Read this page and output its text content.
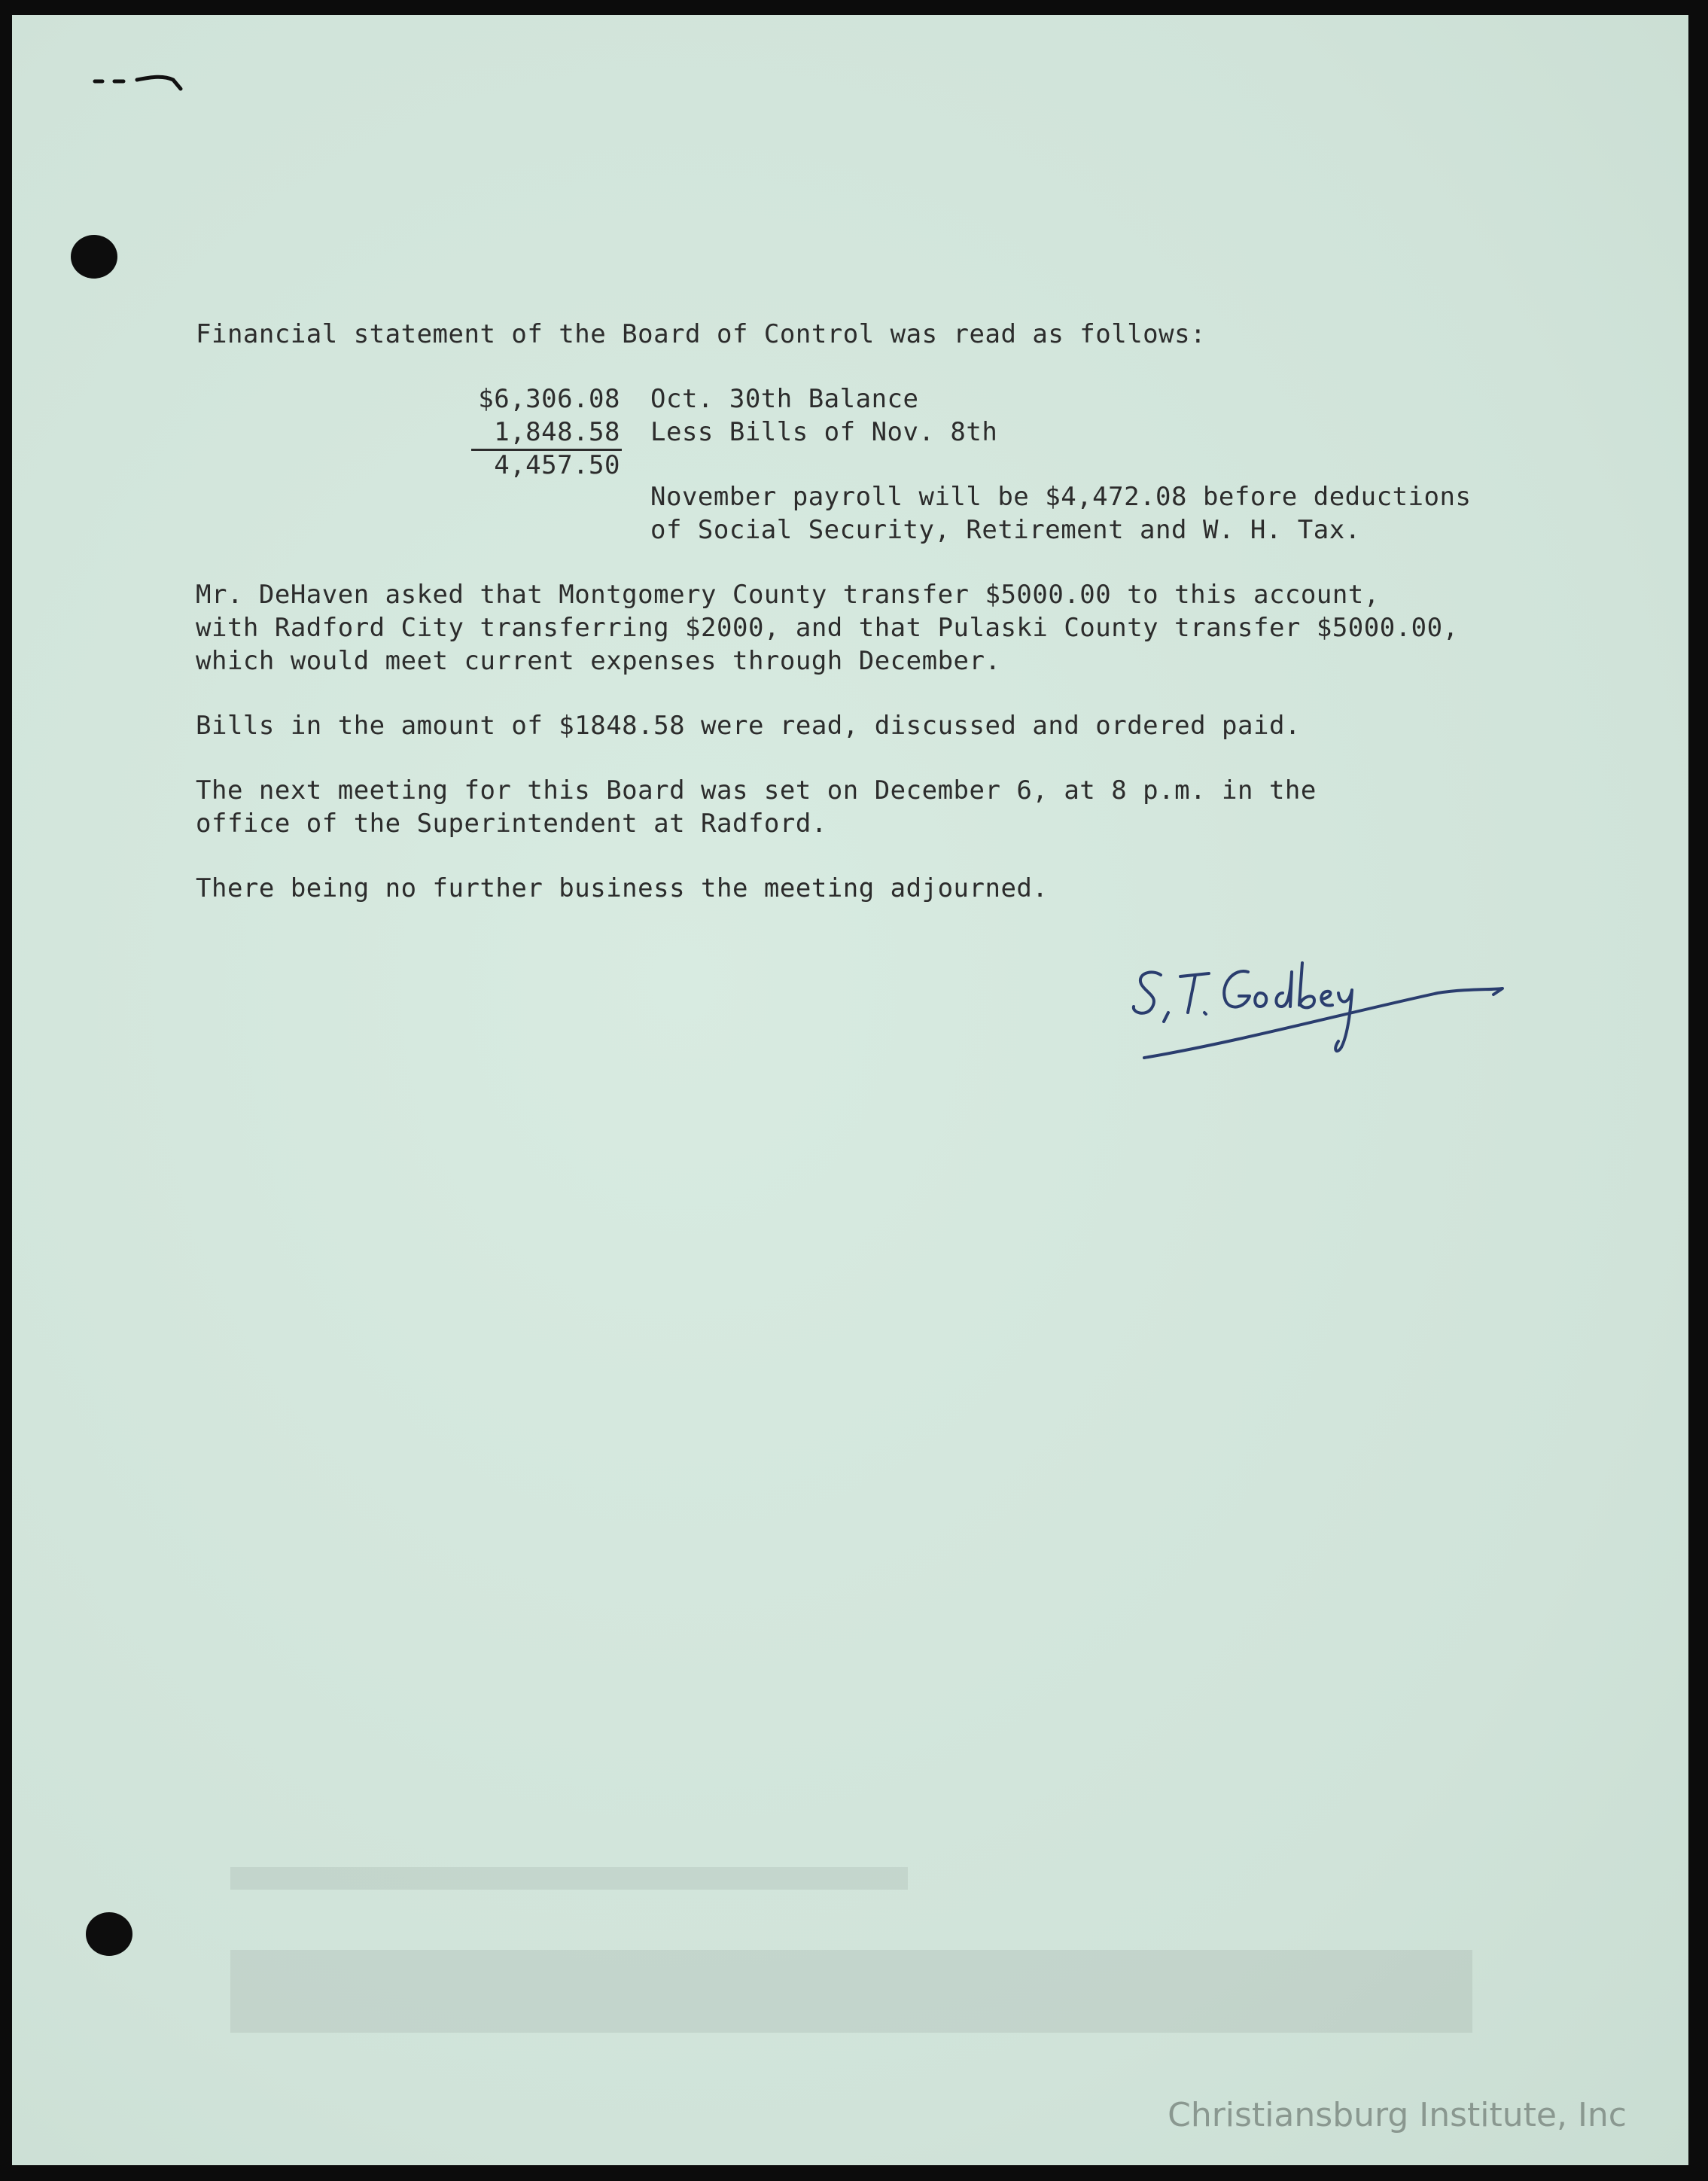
Financial statement of the Board of Control was read as follows:
$6,306.08 Oct. 30th Balance
1,848.58 Less Bills of Nov. 8th
4,457.50
November payroll will be $4,472.08 before deductions
of Social Security, Retirement and W. H. Tax.
Mr. DeHaven asked that Montgomery County transfer $5000.00 to this account,
with Radford City transferring $2000, and that Pulaski County transfer $5000.00,
which would meet current expenses through December.
Bills in the amount of $1848.58 were read, discussed and ordered paid.
The next meeting for this Board was set on December 6, at 8 p.m. in the
office of the Superintendent at Radford.
There being no further business the meeting adjourned.
Christiansburg Institute, Inc
